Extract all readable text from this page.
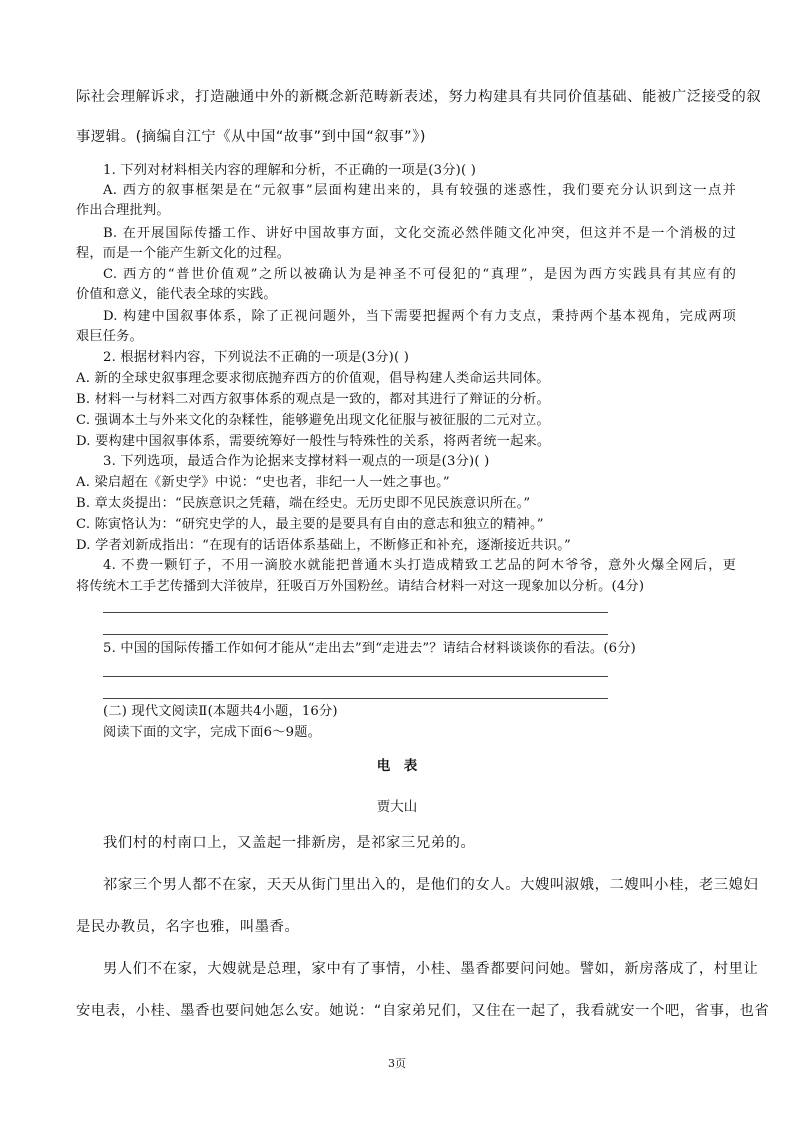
际社会理解诉求，打造融通中外的新概念新范畴新表述，努力构建具有共同价值基础、能被广泛接受的叙
事逻辑。(摘编自江宁《从中国“故事”到中国“叙事”》)
1. 下列对材料相关内容的理解和分析，不正确的一项是(3分)( )
A. 西方的叙事框架是在“元叙事”层面构建出来的，具有较强的迷惑性，我们要充分认识到这一点并
作出合理批判。
B. 在开展国际传播工作、讲好中国故事方面，文化交流必然伴随文化冲突，但这并不是一个消极的过
程，而是一个能产生新文化的过程。
C. 西方的“普世价值观”之所以被确认为是神圣不可侵犯的“真理”，是因为西方实践具有其应有的
价值和意义，能代表全球的实践。
D. 构建中国叙事体系，除了正视问题外，当下需要把握两个有力支点，秉持两个基本视角，完成两项
艰巨任务。
2. 根据材料内容，下列说法不正确的一项是(3分)( )
A. 新的全球史叙事理念要求彻底抛弃西方的价值观，倡导构建人类命运共同体。
B. 材料一与材料二对西方叙事体系的观点是一致的，都对其进行了辩证的分析。
C. 强调本土与外来文化的杂糅性，能够避免出现文化征服与被征服的二元对立。
D. 要构建中国叙事体系，需要统筹好一般性与特殊性的关系，将两者统一起来。
3. 下列选项，最适合作为论据来支撑材料一观点的一项是(3分)( )
A. 梁启超在《新史学》中说：“史也者，非纪一人一姓之事也。”
B. 章太炎提出：“民族意识之凭藉，端在经史。无历史即不见民族意识所在。”
C. 陈寅恪认为：“研究史学的人，最主要的是要具有自由的意志和独立的精神。”
D. 学者刘新成指出：“在现有的话语体系基础上，不断修正和补充，逐渐接近共识。”
4. 不费一颗钉子，不用一滴胶水就能把普通木头打造成精致工艺品的阿木爷爷，意外火爆全网后，更
将传统木工手艺传播到大洋彼岸，狂吸百万外国粉丝。请结合材料一对这一现象加以分析。(4分)
5. 中国的国际传播工作如何才能从“走出去”到“走进去”？请结合材料谈谈你的看法。(6分)
(二) 现代文阅读Ⅱ(本题共4小题，16分)
阅读下面的文字，完成下面6～9题。
电　表
贾大山
我们村的村南口上，又盖起一排新房，是祁家三兄弟的。
祁家三个男人都不在家，天天从街门里出入的，是他们的女人。大嫂叫淑娥，二嫂叫小桂，老三媳妇
是民办教员，名字也雅，叫墨香。
男人们不在家，大嫂就是总理，家中有了事情，小桂、墨香都要问问她。譬如，新房落成了，村里让
安电表，小桂、墨香也要问她怎么安。她说：“自家弟兄们，又住在一起了，我看就安一个吧，省事，也省
3页
